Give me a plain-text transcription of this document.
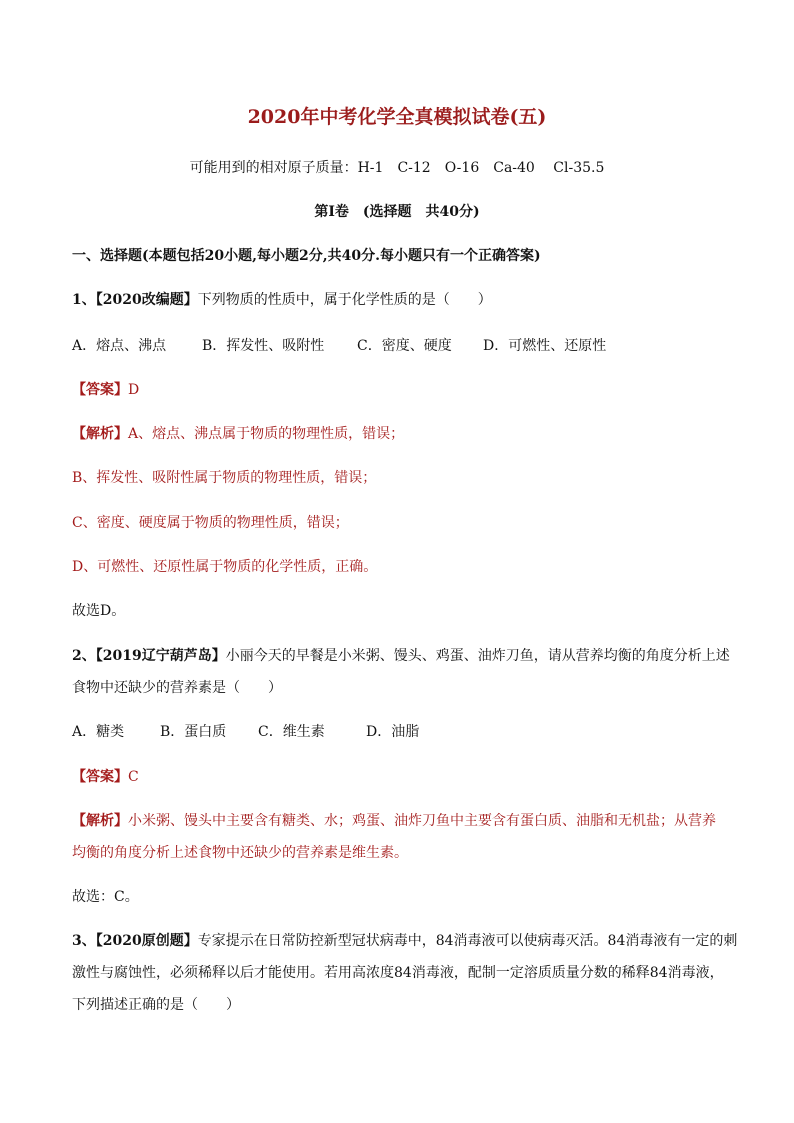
2020年中考化学全真模拟试卷(五)
可能用到的相对原子质量：H-1　C-12　O-16　Ca-40　 Cl-35.5
第Ⅰ卷　(选择题　共40分)
一、选择题(本题包括20小题,每小题2分,共40分.每小题只有一个正确答案)
1、【2020改编题】下列物质的性质中，属于化学性质的是（　　）
A．熔点、沸点	B．挥发性、吸附性 C．密度、硬度 D．可燃性、还原性
【答案】D
【解析】A、熔点、沸点属于物质的物理性质，错误；
B、挥发性、吸附性属于物质的物理性质，错误；
C、密度、硬度属于物质的物理性质，错误；
D、可燃性、还原性属于物质的化学性质，正确。
故选D。
2、【2019辽宁葫芦岛】小丽今天的早餐是小米粥、馒头、鸡蛋、油炸刀鱼，请从营养均衡的角度分析上述
食物中还缺少的营养素是（　　）
A．糖类	B．蛋白质 C．维生素	D．油脂
【答案】C
【解析】小米粥、馒头中主要含有糖类、水；鸡蛋、油炸刀鱼中主要含有蛋白质、油脂和无机盐；从营养
均衡的角度分析上述食物中还缺少的营养素是维生素。
故选：C。
3、【2020原创题】专家提示在日常防控新型冠状病毒中，84消毒液可以使病毒灭活。84消毒液有一定的刺
激性与腐蚀性，必须稀释以后才能使用。若用高浓度84消毒液，配制一定溶质质量分数的稀释84消毒液，
下列描述正确的是（　　）
